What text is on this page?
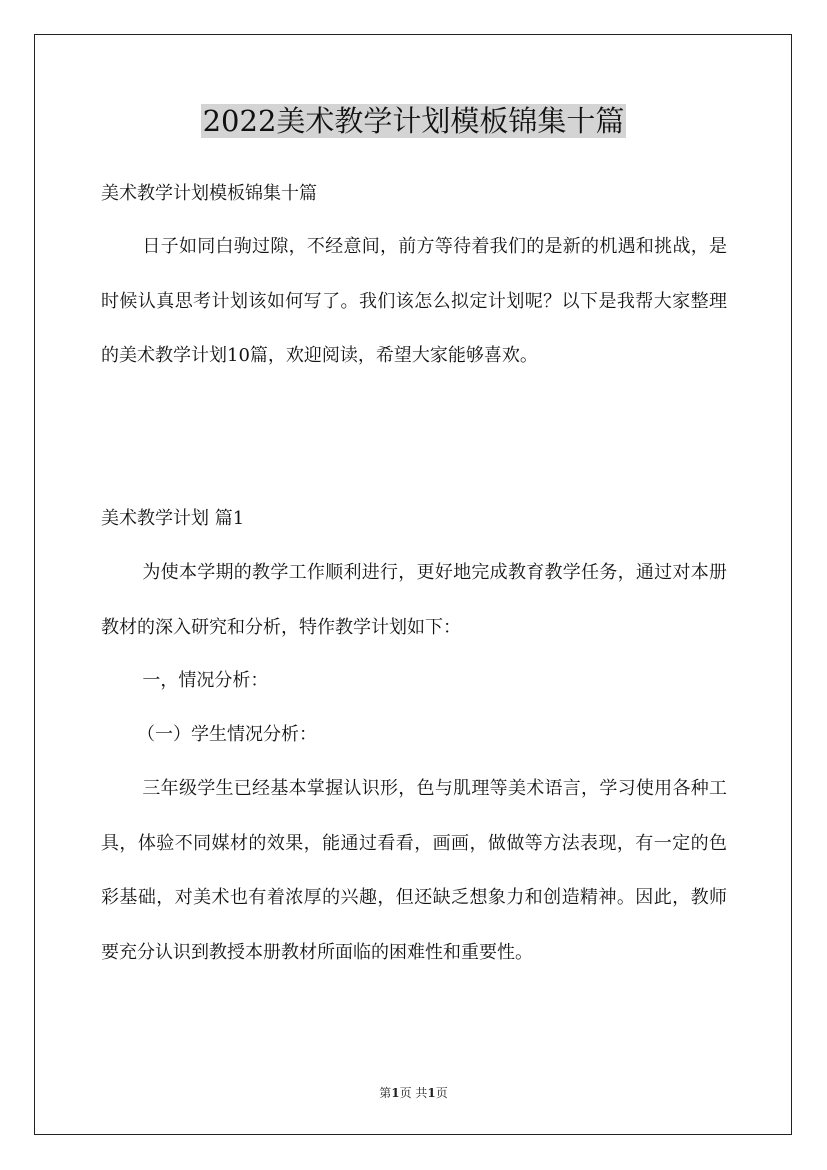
2022美术教学计划模板锦集十篇
美术教学计划模板锦集十篇
日子如同白驹过隙，不经意间，前方等待着我们的是新的机遇和挑战，是时候认真思考计划该如何写了。我们该怎么拟定计划呢？以下是我帮大家整理的美术教学计划10篇，欢迎阅读，希望大家能够喜欢。
美术教学计划 篇1
为使本学期的教学工作顺利进行，更好地完成教育教学任务，通过对本册教材的深入研究和分析，特作教学计划如下：
一，情况分析：
（一）学生情况分析：
三年级学生已经基本掌握认识形，色与肌理等美术语言，学习使用各种工具，体验不同媒材的效果，能通过看看，画画，做做等方法表现，有一定的色彩基础，对美术也有着浓厚的兴趣，但还缺乏想象力和创造精神。因此，教师要充分认识到教授本册教材所面临的困难性和重要性。
第1页 共1页
